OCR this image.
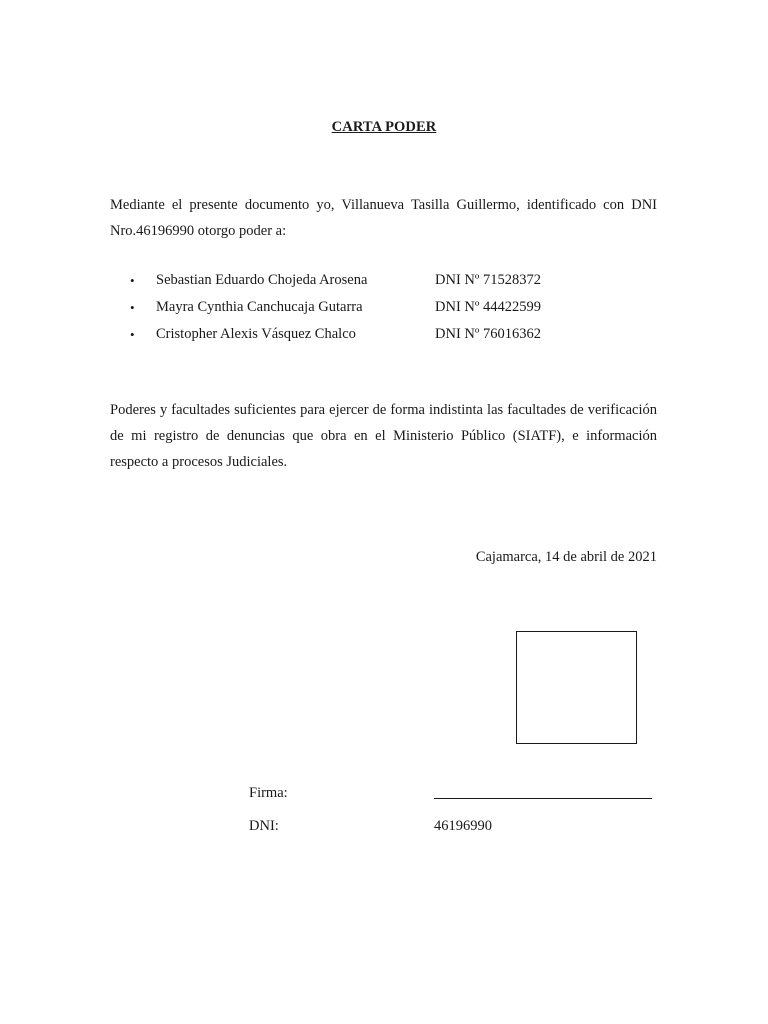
CARTA PODER
Mediante el presente documento yo, Villanueva Tasilla Guillermo, identificado con DNI Nro.46196990 otorgo poder a:
• Sebastian Eduardo Chojeda Arosena	DNI Nº 71528372
• Mayra Cynthia Canchucaja Gutarra	DNI Nº 44422599
• Cristopher Alexis Vásquez Chalco	DNI Nº 76016362
Poderes y facultades suficientes para ejercer de forma indistinta las facultades de verificación de mi registro de denuncias que obra en el Ministerio Público (SIATF), e información respecto a procesos Judiciales.
Cajamarca, 14 de abril de 2021
Firma:
DNI:	46196990
